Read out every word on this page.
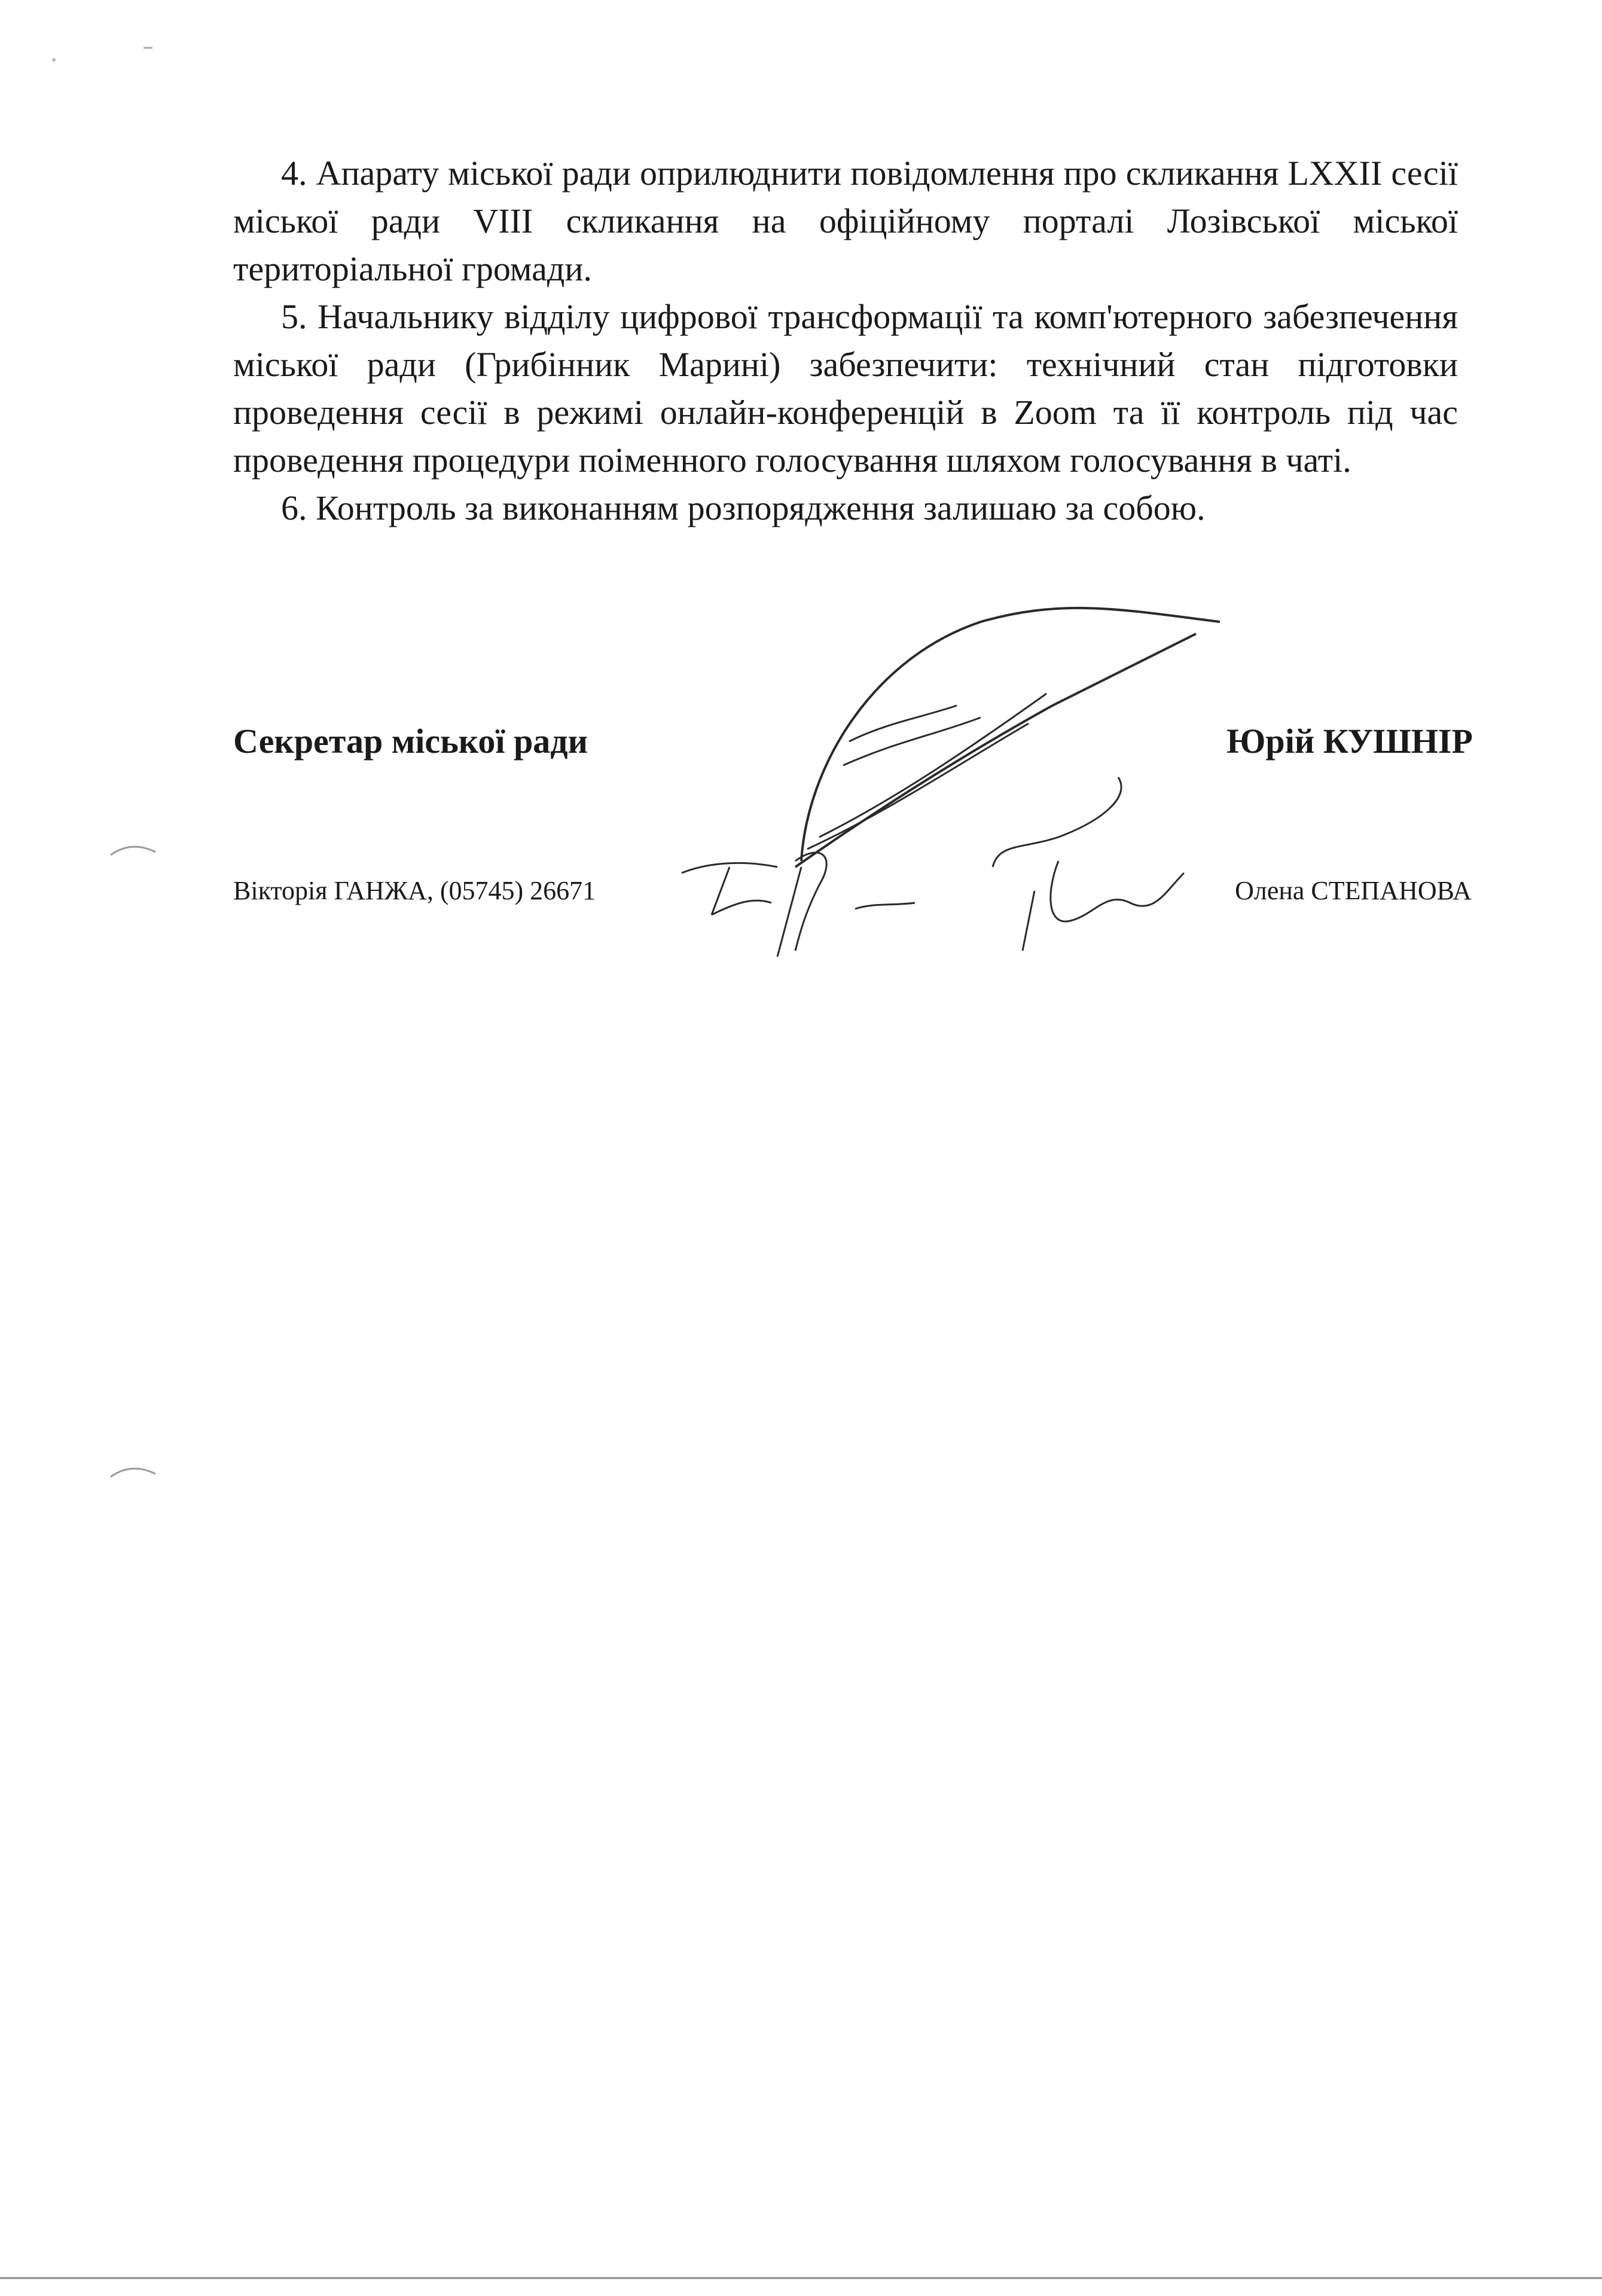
4. Апарату міської ради оприлюднити повідомлення про скликання LXXII сесії міської ради VIII скликання на офіційному порталі Лозівської міської територіальної громади.

5. Начальнику відділу цифрової трансформації та комп'ютерного забезпечення міської ради (Грибінник Марині) забезпечити: технічний стан підготовки проведення сесії в режимі онлайн-конференцій в Zoom та її контроль під час проведення процедури поіменного голосування шляхом голосування в чаті.

6. Контроль за виконанням розпорядження залишаю за собою.

Секретар міської ради	Юрій КУШНІР
Вікторія ГАНЖА, (05745) 26671	Олена СТЕПАНОВА
